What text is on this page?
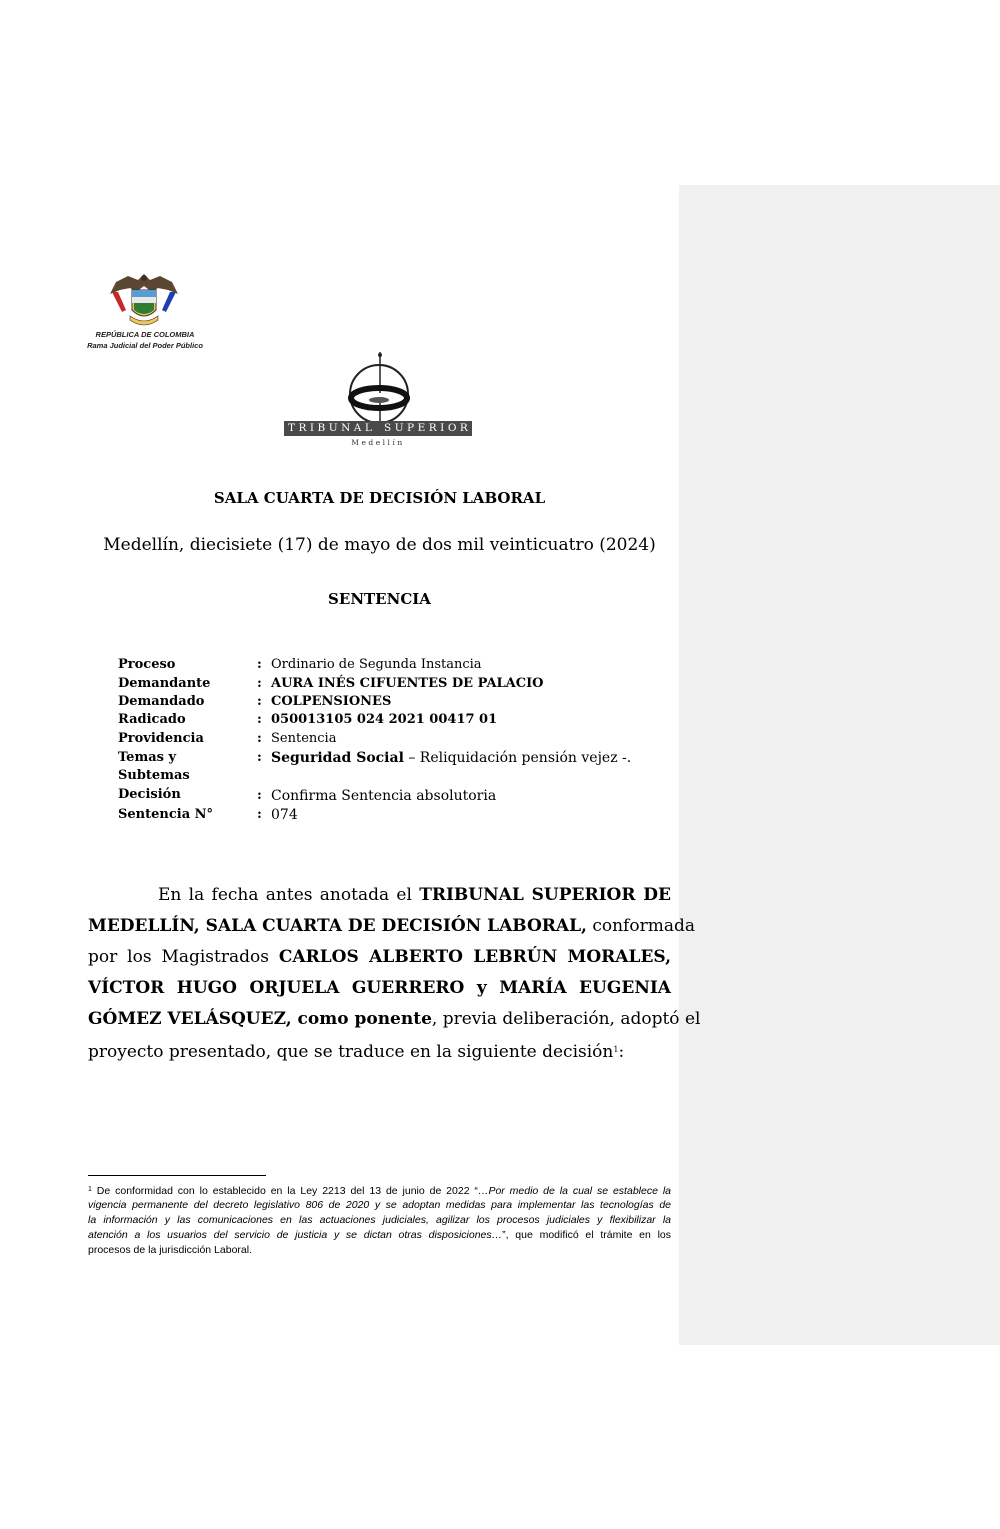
REPÚBLICA DE COLOMBIA
Rama Judicial del Poder Público
TRIBUNAL SUPERIOR
Medellín
SALA CUARTA DE DECISIÓN LABORAL
Medellín, diecisiete (17) de mayo de dos mil veinticuatro (2024)
SENTENCIA
Proceso	: Ordinario de Segunda Instancia
Demandante	: AURA INÉS CIFUENTES DE PALACIO
Demandado	: COLPENSIONES
Radicado	: 050013105 024 2021 00417 01
Providencia	: Sentencia
Temas y	: Seguridad Social – Reliquidación pensión vejez -.
Subtemas
Decisión	: Confirma Sentencia absolutoria
Sentencia N°	: 074
En la fecha antes anotada el TRIBUNAL SUPERIOR DE
MEDELLÍN, SALA CUARTA DE DECISIÓN LABORAL, conformada
por los Magistrados CARLOS ALBERTO LEBRÚN MORALES,
VÍCTOR HUGO ORJUELA GUERRERO y MARÍA EUGENIA
GÓMEZ VELÁSQUEZ, como ponente, previa deliberación, adoptó el
proyecto presentado, que se traduce en la siguiente decisión$^1$:
$^1$ De conformidad con lo establecido en la Ley 2213 del 13 de junio de 2022 “…Por medio de la cual se establece la
vigencia permanente del decreto legislativo 806 de 2020 y se adoptan medidas para implementar las tecnologías de
la información y las comunicaciones en las actuaciones judiciales, agilizar los procesos judiciales y flexibilizar la
atención a los usuarios del servicio de justicia y se dictan otras disposiciones…”, que modificó el trámite en los
procesos de la jurisdicción Laboral.
